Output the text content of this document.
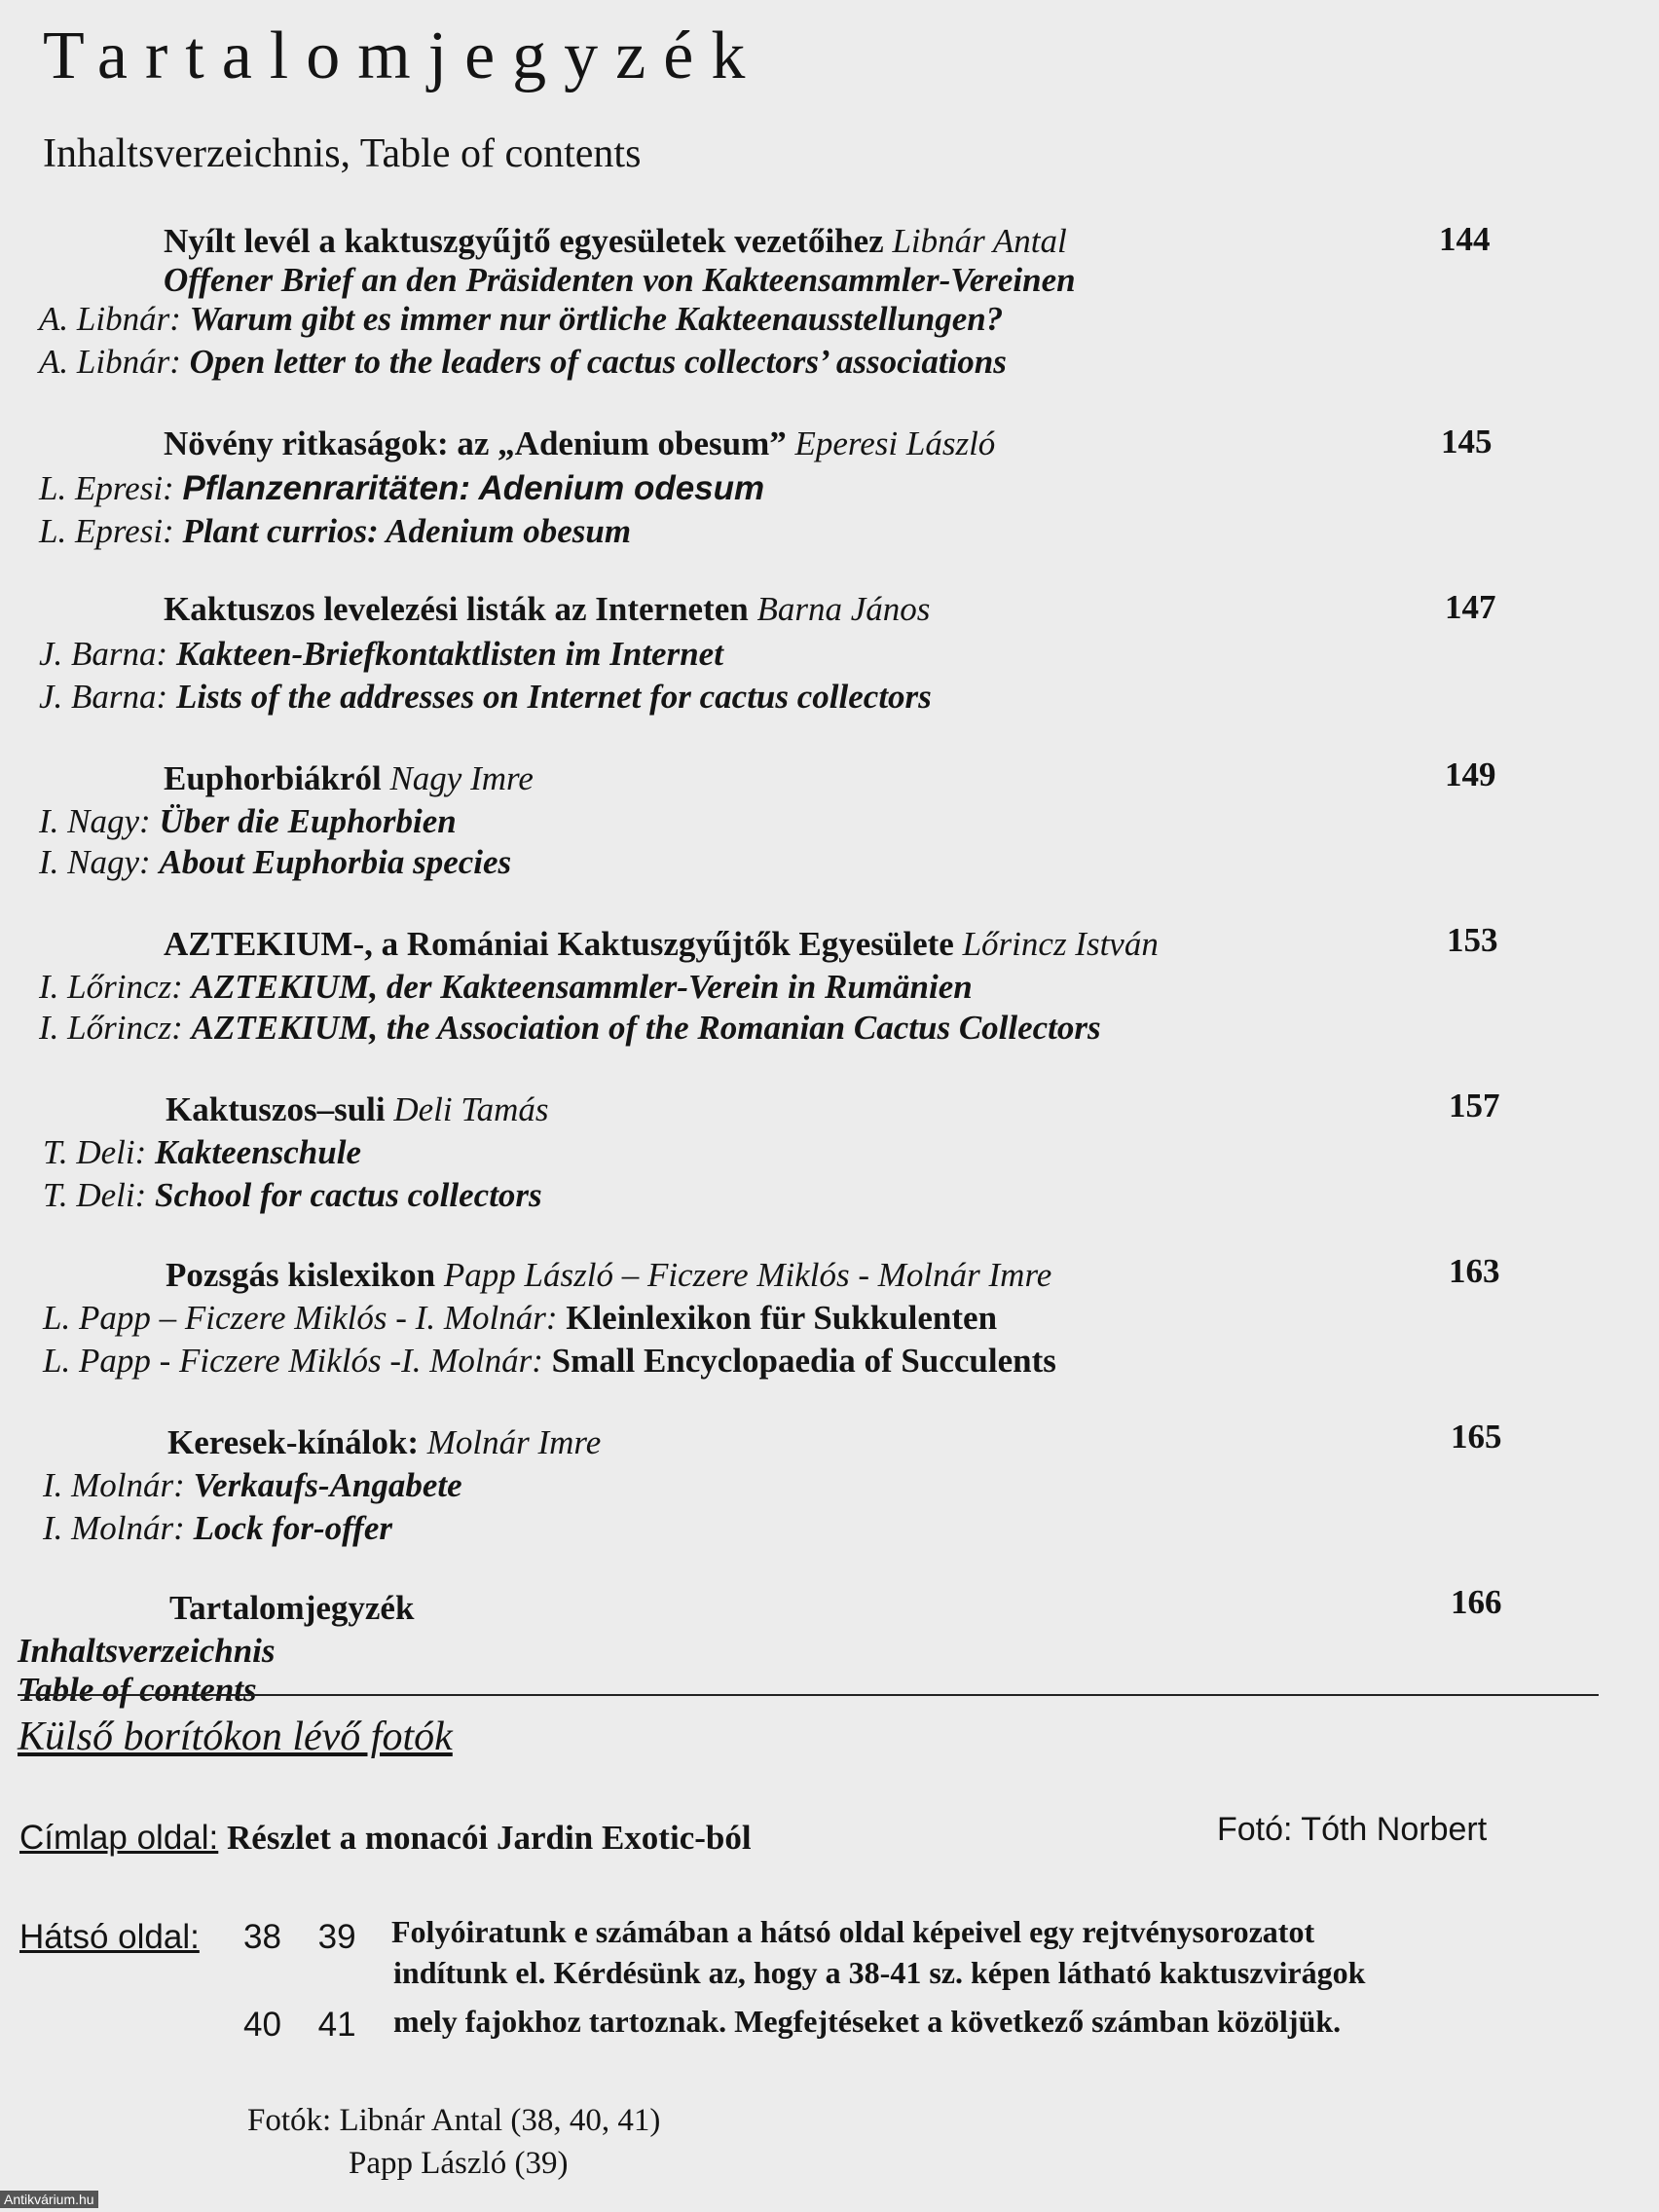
Tartalomjegyzék
Inhaltsverzeichnis, Table of contents
Nyílt levél a kaktuszgyűjtő egyesületek vezetőihez Libnár Antal	144
Offener Brief an den Präsidenten von Kakteensammler-Vereinen
A. Libnár: Warum gibt es immer nur örtliche Kakteenausstellungen?
A. Libnár: Open letter to the leaders of cactus collectors’ associations
Növény ritkaságok: az „Adenium obesum” Eperesi László	145
L. Epresi: Pflanzenraritäten: Adenium odesum
L. Epresi: Plant currios: Adenium obesum
Kaktuszos levelezési listák az Interneten Barna János	147
J. Barna: Kakteen-Briefkontaktlisten im Internet
J. Barna: Lists of the addresses on Internet for cactus collectors
Euphorbiákról Nagy Imre	149
I. Nagy: Über die Euphorbien
I. Nagy: About Euphorbia species
AZTEKIUM-, a Romániai Kaktuszgyűjtők Egyesülete Lőrincz István	153
I. Lőrincz: AZTEKIUM, der Kakteensammler-Verein in Rumänien
I. Lőrincz: AZTEKIUM, the Association of the Romanian Cactus Collectors
Kaktuszos–suli Deli Tamás	157
T. Deli: Kakteenschule
T. Deli: School for cactus collectors
Pozsgás kislexikon Papp László – Ficzere Miklós - Molnár Imre	163
L. Papp – Ficzere Miklós - I. Molnár: Kleinlexikon für Sukkulenten
L. Papp - Ficzere Miklós -I. Molnár: Small Encyclopaedia of Succulents
Keresek-kínálok: Molnár Imre	165
I. Molnár: Verkaufs-Angabete
I. Molnár: Lock for-offer
Tartalomjegyzék	166
Inhaltsverzeichnis
Table of contents
Külső borítókon lévő fotók
Címlap oldal: Részlet a monacói Jardin Exotic-ból	Fotó: Tóth Norbert
Hátsó oldal: 38 39
40 41
Folyóiratunk e számában a hátsó oldal képeivel egy rejtvénysorozatot
indítunk el. Kérdésünk az, hogy a 38-41 sz. képen látható kaktuszvirágok
mely fajokhoz tartoznak. Megfejtéseket a következő számban közöljük.
Fotók: Libnár Antal (38, 40, 41)
Papp László (39)
Antikvárium.hu
